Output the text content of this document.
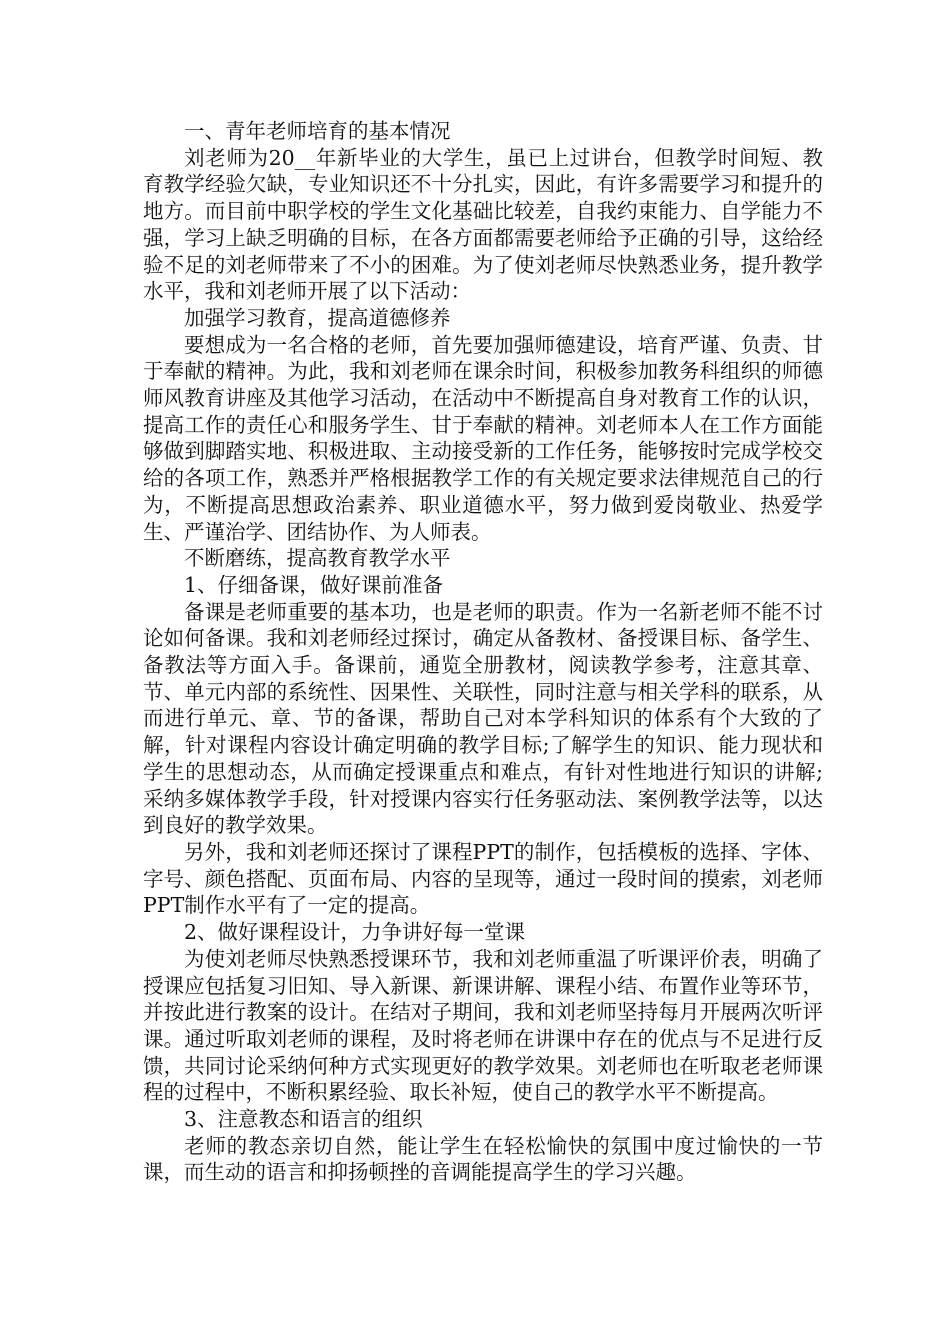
一、青年老师培育的基本情况

刘老师为20__年新毕业的大学生，虽已上过讲台，但教学时间短、教育教学经验欠缺，专业知识还不十分扎实，因此，有许多需要学习和提升的地方。而目前中职学校的学生文化基础比较差，自我约束能力、自学能力不强，学习上缺乏明确的目标，在各方面都需要老师给予正确的引导，这给经验不足的刘老师带来了不小的困难。为了使刘老师尽快熟悉业务，提升教学水平，我和刘老师开展了以下活动：

加强学习教育，提高道德修养

要想成为一名合格的老师，首先要加强师德建设，培育严谨、负责、甘于奉献的精神。为此，我和刘老师在课余时间，积极参加教务科组织的师德师风教育讲座及其他学习活动，在活动中不断提高自身对教育工作的认识，提高工作的责任心和服务学生、甘于奉献的精神。刘老师本人在工作方面能够做到脚踏实地、积极进取、主动接受新的工作任务，能够按时完成学校交给的各项工作，熟悉并严格根据教学工作的有关规定要求法律规范自己的行为，不断提高思想政治素养、职业道德水平，努力做到爱岗敬业、热爱学生、严谨治学、团结协作、为人师表。

不断磨练，提高教育教学水平

1、仔细备课，做好课前准备

备课是老师重要的基本功，也是老师的职责。作为一名新老师不能不讨论如何备课。我和刘老师经过探讨，确定从备教材、备授课目标、备学生、备教法等方面入手。备课前，通览全册教材，阅读教学参考，注意其章、节、单元内部的系统性、因果性、关联性，同时注意与相关学科的联系，从而进行单元、章、节的备课，帮助自己对本学科知识的体系有个大致的了解，针对课程内容设计确定明确的教学目标;了解学生的知识、能力现状和学生的思想动态，从而确定授课重点和难点，有针对性地进行知识的讲解;采纳多媒体教学手段，针对授课内容实行任务驱动法、案例教学法等，以达到良好的教学效果。

另外，我和刘老师还探讨了课程PPT的制作，包括模板的选择、字体、字号、颜色搭配、页面布局、内容的呈现等，通过一段时间的摸索，刘老师PPT制作水平有了一定的提高。

2、做好课程设计，力争讲好每一堂课

为使刘老师尽快熟悉授课环节，我和刘老师重温了听课评价表，明确了授课应包括复习旧知、导入新课、新课讲解、课程小结、布置作业等环节，并按此进行教案的设计。在结对子期间，我和刘老师坚持每月开展两次听评课。通过听取刘老师的课程，及时将老师在讲课中存在的优点与不足进行反馈，共同讨论采纳何种方式实现更好的教学效果。刘老师也在听取老老师课程的过程中，不断积累经验、取长补短，使自己的教学水平不断提高。

3、注意教态和语言的组织

老师的教态亲切自然，能让学生在轻松愉快的氛围中度过愉快的一节课，而生动的语言和抑扬顿挫的音调能提高学生的学习兴趣。
